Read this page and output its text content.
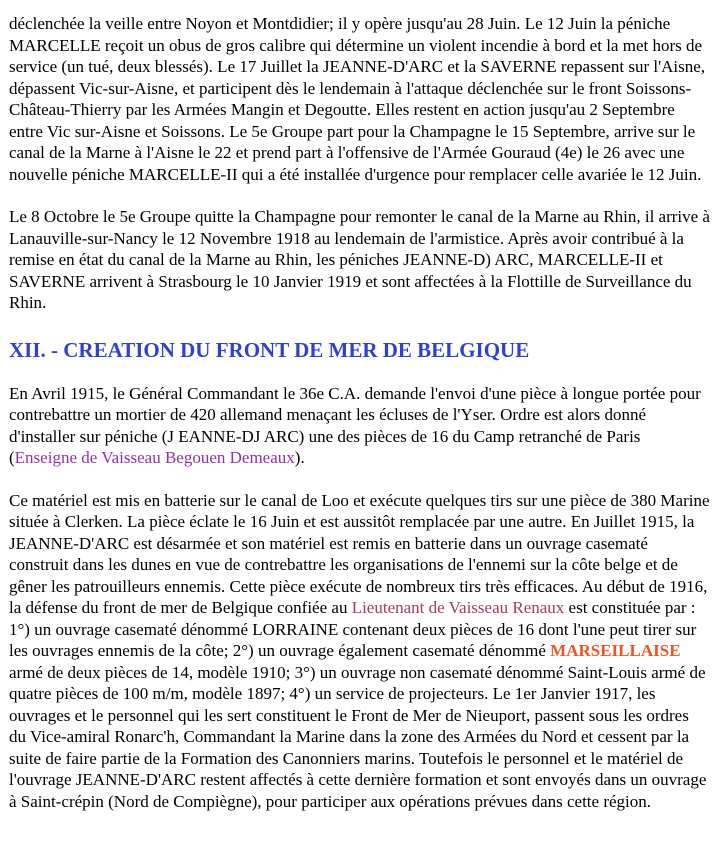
déclenchée la veille entre Noyon et Montdidier; il y opère jusqu'au 28 Juin. Le 12 Juin la péniche MARCELLE reçoit un obus de gros calibre qui détermine un violent incendie à bord et la met hors de service (un tué, deux blessés). Le 17 Juillet la JEANNE-D'ARC et la SAVERNE repassent sur l'Aisne, dépassent Vic-sur-Aisne, et participent dès le lendemain à l'attaque déclenchée sur le front Soissons-Château-Thierry par les Armées Mangin et Degoutte. Elles restent en action jusqu'au 2 Septembre entre Vic sur-Aisne et Soissons. Le 5e Groupe part pour la Champagne le 15 Septembre, arrive sur le canal de la Marne à l'Aisne le 22 et prend part à l'offensive de l'Armée Gouraud (4e) le 26 avec une nouvelle péniche MARCELLE-II qui a été installée d'urgence pour remplacer celle avariée le 12 Juin.

Le 8 Octobre le 5e Groupe quitte la Champagne pour remonter le canal de la Marne au Rhin, il arrive à Lanauville-sur-Nancy le 12 Novembre 1918 au lendemain de l'armistice. Après avoir contribué à la remise en état du canal de la Marne au Rhin, les péniches JEANNE-D) ARC, MARCELLE-II et SAVERNE arrivent à Strasbourg le 10 Janvier 1919 et sont affectées à la Flottille de Surveillance du Rhin.

XII. - CREATION DU FRONT DE MER DE BELGIQUE

En Avril 1915, le Général Commandant le 36e C.A. demande l'envoi d'une pièce à longue portée pour contrebattre un mortier de 420 allemand menaçant les écluses de l'Yser. Ordre est alors donné d'installer sur péniche (J EANNE-DJ ARC) une des pièces de 16 du Camp retranché de Paris (Enseigne de Vaisseau Begouen Demeaux).

Ce matériel est mis en batterie sur le canal de Loo et exécute quelques tirs sur une pièce de 380 Marine située à Clerken. La pièce éclate le 16 Juin et est aussitôt remplacée par une autre. En Juillet 1915, la JEANNE-D'ARC est désarmée et son matériel est remis en batterie dans un ouvrage casematé construit dans les dunes en vue de contrebattre les organisations de l'ennemi sur la côte belge et de gêner les patrouilleurs ennemis. Cette pièce exécute de nombreux tirs très efficaces. Au début de 1916, la défense du front de mer de Belgique confiée au Lieutenant de Vaisseau Renaux est constituée par : 1°) un ouvrage casematé dénommé LORRAINE contenant deux pièces de 16 dont l'une peut tirer sur les ouvrages ennemis de la côte; 2°) un ouvrage également casematé dénommé MARSEILLAISE armé de deux pièces de 14, modèle 1910; 3°) un ouvrage non casematé dénommé Saint-Louis armé de quatre pièces de 100 m/m, modèle 1897; 4°) un service de projecteurs. Le 1er Janvier 1917, les ouvrages et le personnel qui les sert constituent le Front de Mer de Nieuport, passent sous les ordres du Vice-amiral Ronarc'h, Commandant la Marine dans la zone des Armées du Nord et cessent par la suite de faire partie de la Formation des Canonniers marins. Toutefois le personnel et le matériel de l'ouvrage JEANNE-D'ARC restent affectés à cette dernière formation et sont envoyés dans un ouvrage à Saint-crépin (Nord de Compiègne), pour participer aux opérations prévues dans cette région.
